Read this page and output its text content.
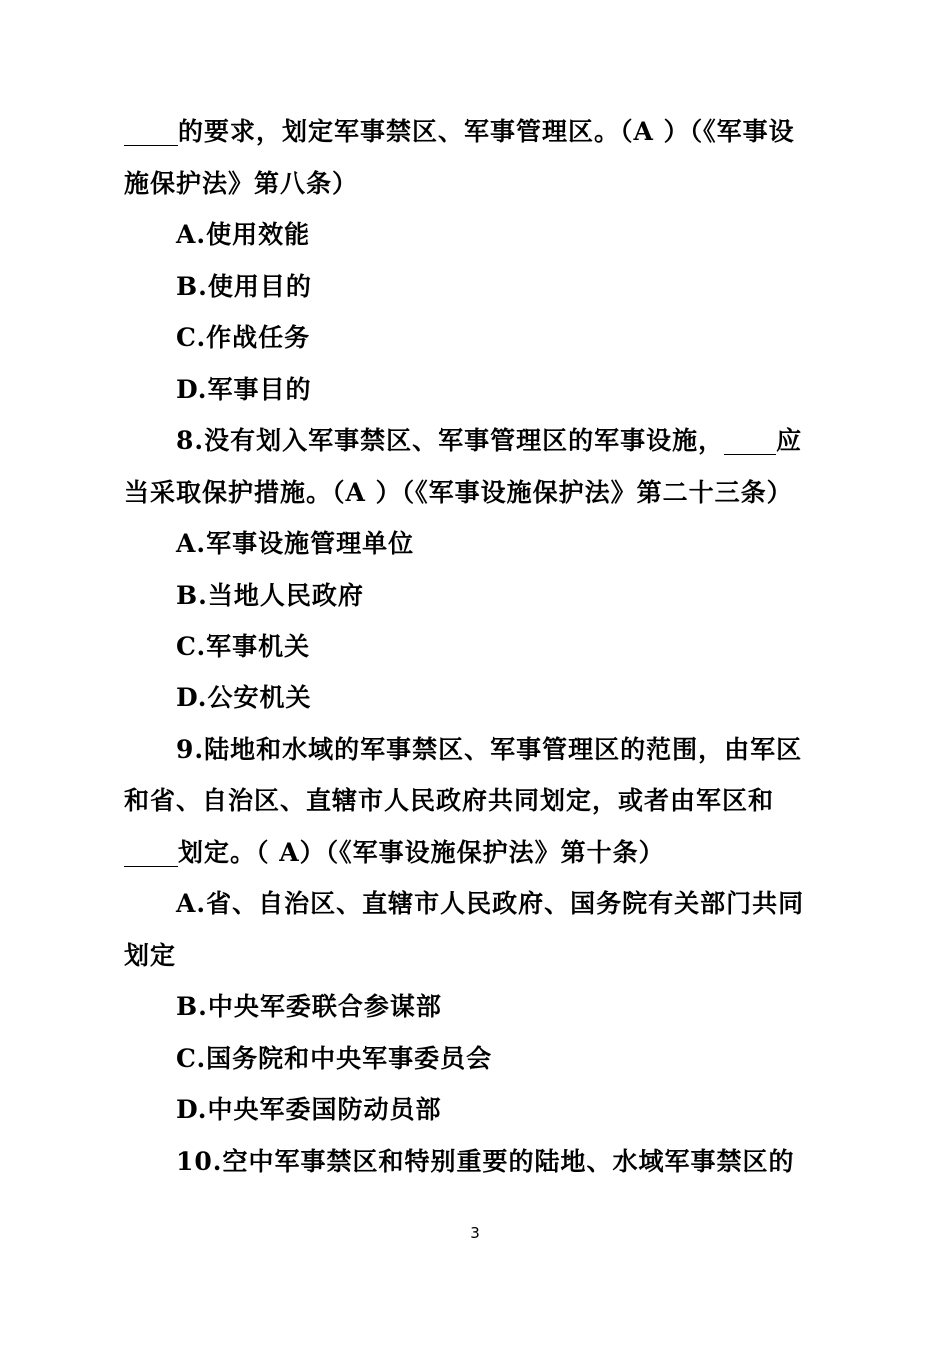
的要求，划定军事禁区、军事管理区。（A ）（《军事设
施保护法》第八条）
A.使用效能
B.使用目的
C.作战任务
D.军事目的
8.没有划入军事禁区、军事管理区的军事设施， 应
当采取保护措施。（A ）（《军事设施保护法》第二十三条）
A.军事设施管理单位
B.当地人民政府
C.军事机关
D.公安机关
9.陆地和水域的军事禁区、军事管理区的范围，由军区
和省、自治区、直辖市人民政府共同划定，或者由军区和
划定。（ A）（《军事设施保护法》第十条）
A.省、自治区、直辖市人民政府、国务院有关部门共同
划定
B.中央军委联合参谋部
C.国务院和中央军事委员会
D.中央军委国防动员部
10.空中军事禁区和特别重要的陆地、水域军事禁区的
3
